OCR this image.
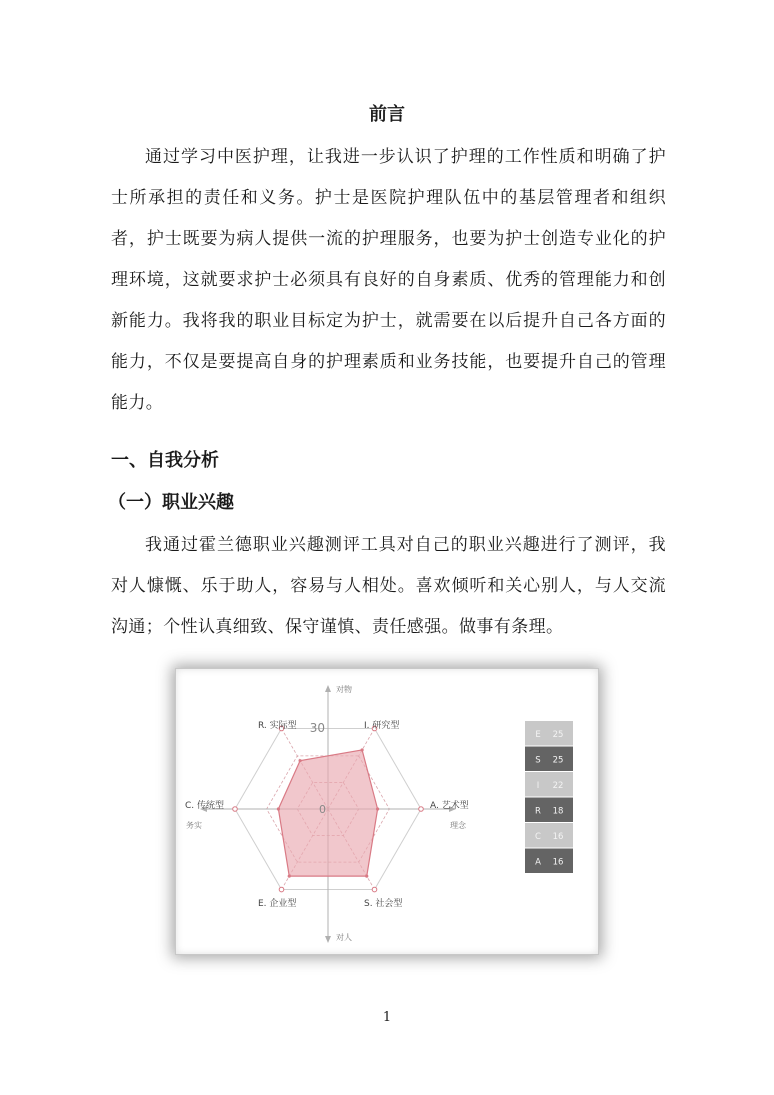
前言

通过学习中医护理，让我进一步认识了护理的工作性质和明确了护士所承担的责任和义务。护士是医院护理队伍中的基层管理者和组织者，护士既要为病人提供一流的护理服务，也要为护士创造专业化的护理环境，这就要求护士必须具有良好的自身素质、优秀的管理能力和创新能力。我将我的职业目标定为护士，就需要在以后提升自己各方面的能力，不仅是要提高自身的护理素质和业务技能，也要提升自己的管理能力。

一、自我分析
（一）职业兴趣

我通过霍兰德职业兴趣测评工具对自己的职业兴趣进行了测评，我对人慷慨、乐于助人，容易与人相处。喜欢倾听和关心别人，与人交流沟通；个性认真细致、保守谨慎、责任感强。做事有条理。

30
0
对物
对人
务实	理念
I. 研究型
A. 艺术型
S. 社会型
E. 企业型
C. 传统型
R. 实际型
E 25
S 25
I 22
R 18
C 16
A 16
1
